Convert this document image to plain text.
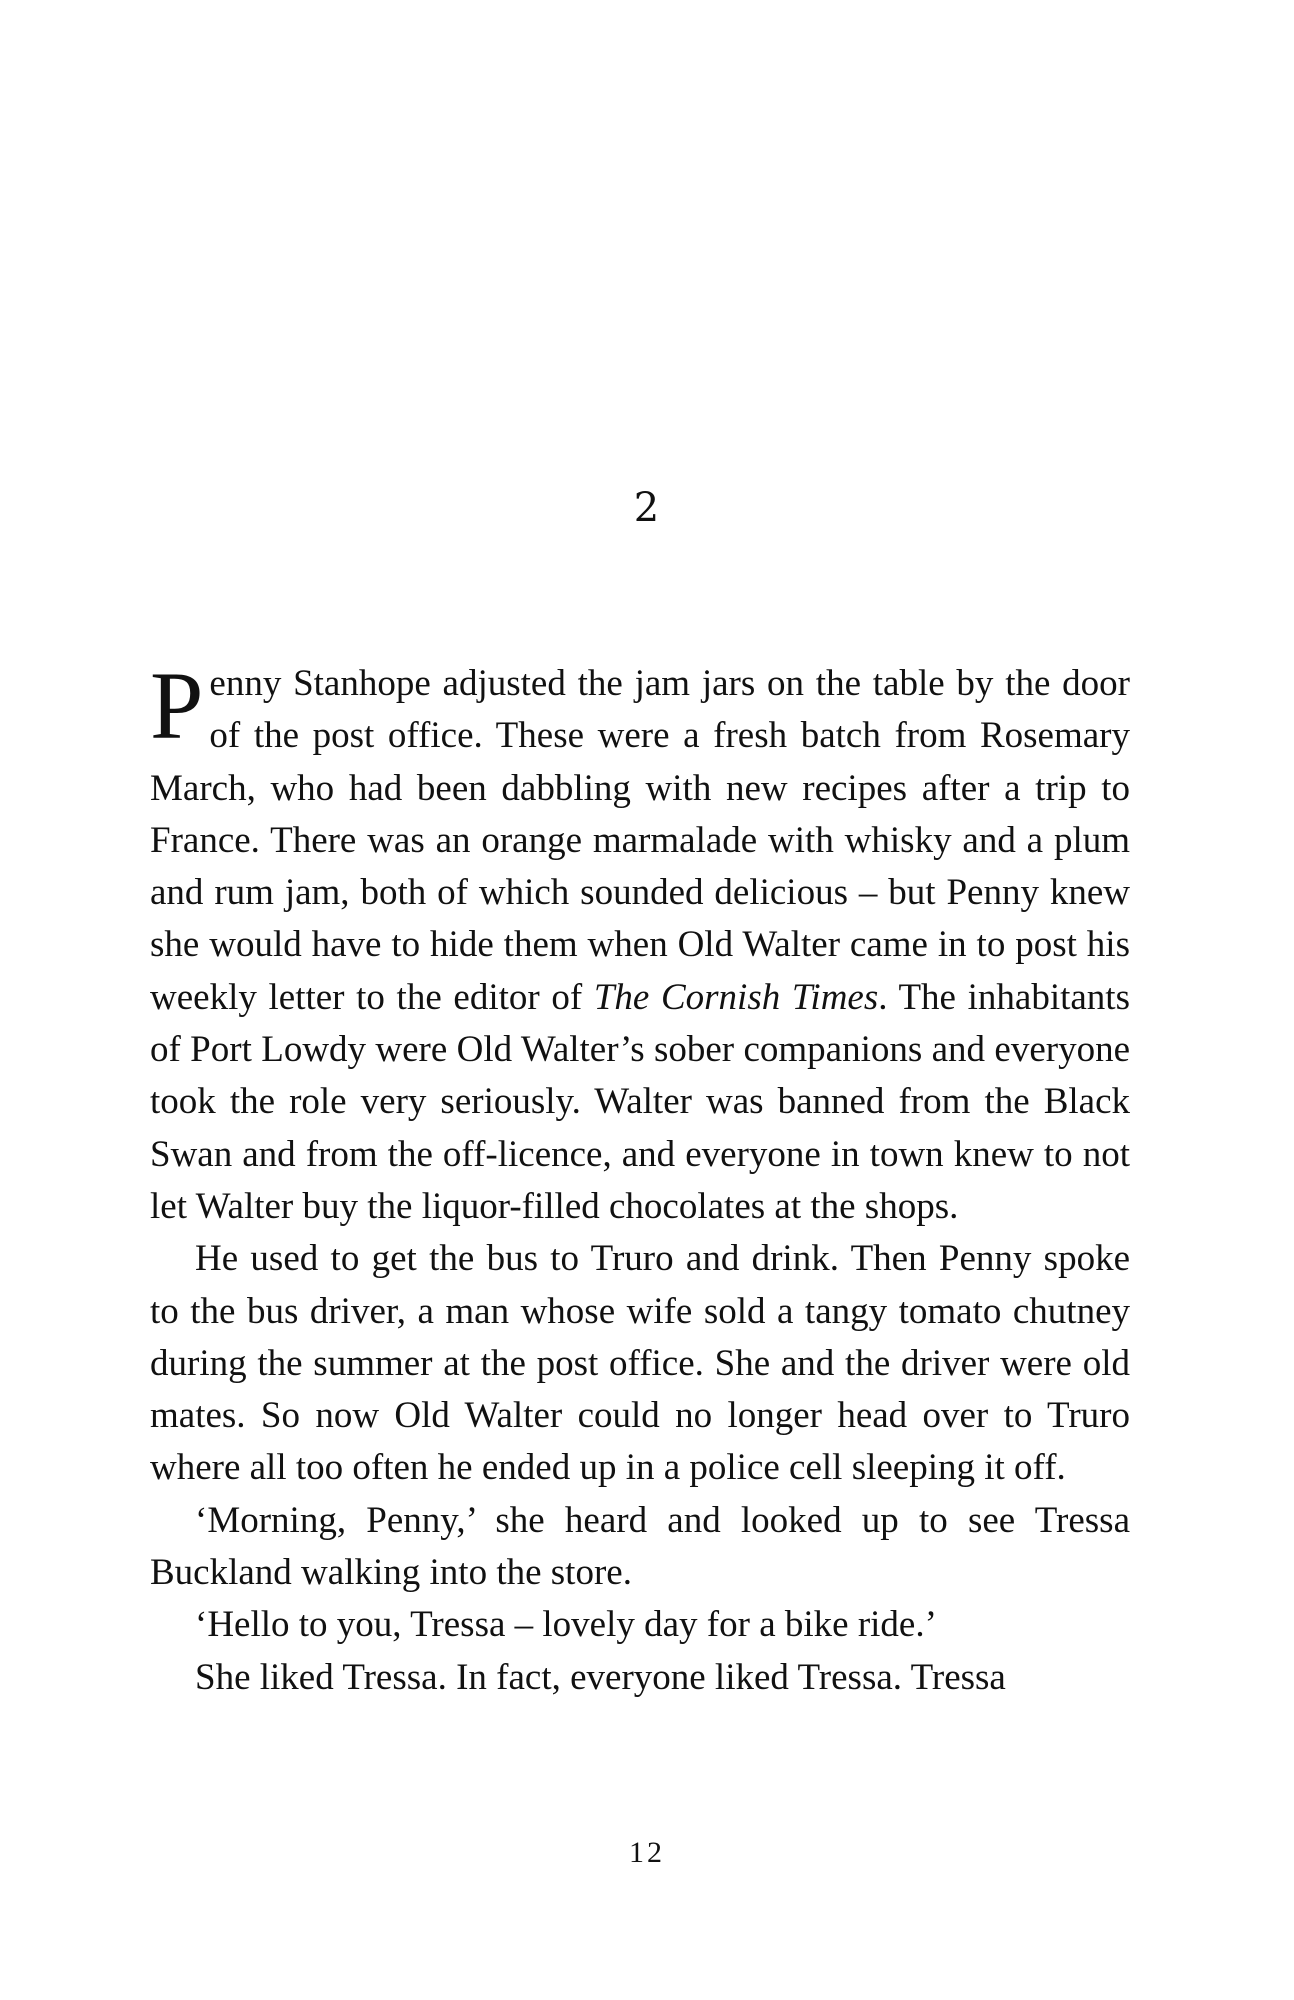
2

Penny Stanhope adjusted the jam jars on the table by the door of the post office. These were a fresh batch from Rosemary March, who had been dabbling with new recipes after a trip to France. There was an orange marmalade with whisky and a plum and rum jam, both of which sounded delicious – but Penny knew she would have to hide them when Old Walter came in to post his weekly letter to the editor of The Cornish Times. The inhabitants of Port Lowdy were Old Walter’s sober companions and everyone took the role very seriously. Walter was banned from the Black Swan and from the off-licence, and everyone in town knew to not let Walter buy the liquor-filled chocolates at the shops.

He used to get the bus to Truro and drink. Then Penny spoke to the bus driver, a man whose wife sold a tangy tomato chutney during the summer at the post office. She and the driver were old mates. So now Old Walter could no longer head over to Truro where all too often he ended up in a police cell sleeping it off.

‘Morning, Penny,’ she heard and looked up to see Tressa Buckland walking into the store.

‘Hello to you, Tressa – lovely day for a bike ride.’

She liked Tressa. In fact, everyone liked Tressa. Tressa

12
